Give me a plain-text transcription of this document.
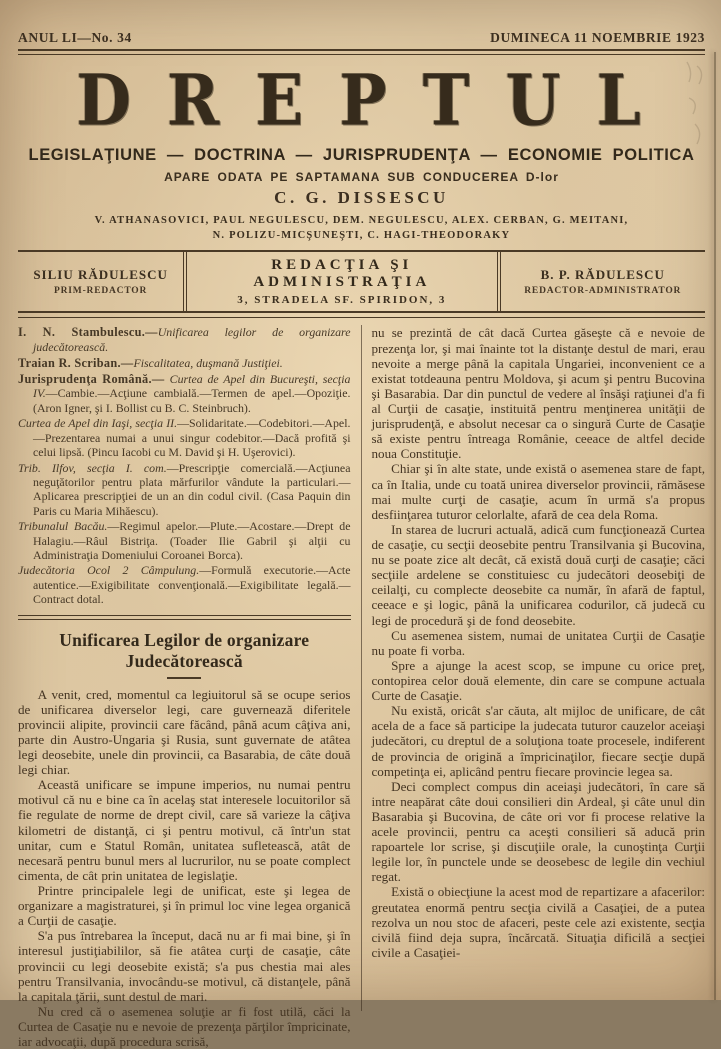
ANUL LI—No. 34	DUMINECA 11 NOEMBRIE 1923
DREPTUL
LEGISLAŢIUNE — DOCTRINA — JURISPRUDENŢA — ECONOMIE POLITICA
APARE ODATA PE SAPTAMANA SUB CONDUCEREA D-lor
C. G. DISSESCU
V. ATHANASOVICI, PAUL NEGULESCU, DEM. NEGULESCU, ALEX. CERBAN, G. MEITANI,
N. POLIZU-MICŞUNEŞTI, C. HAGI-THEODORAKY
SILIU RĂDULESCU
PRIM-REDACTOR
REDACŢIA ŞI ADMINISTRAŢIA
3, STRADELA SF. SPIRIDON, 3
B. P. RĂDULESCU
REDACTOR-ADMINISTRATOR
I. N. Stambulescu.—Unificarea legilor de organizare judecătorească.
Traian R. Scriban.—Fiscalitatea, duşmană Justiţiei.
Jurisprudenţa Română.— Curtea de Apel din Bucureşti, secţia IV.—Cambie.—Acţiune cambială.—Termen de apel.—Opoziţie. (Aron Igner, şi I. Bollist cu B. C. Steinbruch).
Curtea de Apel din Iaşi, secţia II.—Solidaritate.—Codebitori.—Apel.—Prezentarea numai a unui singur codebitor.—Dacă profită şi celui lipsă. (Pincu Iacobi cu M. David şi H. Uşerovici).
Trib. Ilfov, secţia I. com.—Prescripţie comercială.—Acţiunea neguţătorilor pentru plata mărfurilor vândute la particulari.—Aplicarea prescripţiei de un an din codul civil. (Casa Paquin din Paris cu Maria Mihăescu).
Tribunalul Bacău.—Regimul apelor.—Plute.—Acostare.—Drept de Halagiu.—Râul Bistriţa. (Toader Ilie Gabril şi alţii cu Administraţia Domeniului Coroanei Borca).
Judecătoria Ocol 2 Câmpulung.—Formulă executorie.—Acte autentice.—Exigibilitate convenţională.—Exigibilitate legală.—Contract dotal.
Unificarea Legilor de organizare Judecătorească

A venit, cred, momentul ca legiuitorul să se ocupe serios de unificarea diverselor legi, care guvernează diferitele provincii alipite, provincii care făcând, până acum câţiva ani, parte din Austro-Ungaria şi Rusia, sunt guvernate de atâtea legi deosebite, unele din provincii, ca Basarabia, de câte două legi chiar.

Această unificare se impune imperios, nu numai pentru motivul că nu e bine ca în acelaş stat interesele locuitorilor să fie regulate de norme de drept civil, care să varieze la câţiva kilometri de distanţă, ci şi pentru motivul, că într'un stat unitar, cum e Statul Român, unitatea sufletească, atât de necesară pentru bunul mers al lucrurilor, nu se poate complect cimenta, de cât prin unitatea de legislaţie.

Printre principalele legi de unificat, este şi legea de organizare a magistraturei, şi în primul loc vine legea organică a Curţii de casaţie.

S'a pus întrebarea la început, dacă nu ar fi mai bine, şi în interesul justiţiabililor, să fie atâtea curţi de casaţie, câte provincii cu legi deosebite există; s'a pus chestia mai ales pentru Transilvania, invocându-se motivul, că distanţele, până la capitala ţării, sunt destul de mari.

Nu cred că o asemenea soluţie ar fi fost utilă, căci la Curtea de Casaţie nu e nevoie de prezenţa părţilor împricinate, iar advocaţii, după procedura scrisă,

nu se prezintă de cât dacă Curtea găseşte că e nevoie de prezenţa lor, şi mai înainte tot la distanţe destul de mari, erau nevoite a merge până la capitala Ungariei, inconvenient ce a existat totdeauna pentru Moldova, şi acum şi pentru Bucovina şi Basarabia. Dar din punctul de vedere al însăşi raţiunei d'a fi al Curţii de casaţie, instituită pentru menţinerea unităţii de jurisprudenţă, e absolut necesar ca o singură Curte de Casaţie să existe pentru întreaga Românie, ceeace de altfel decide noua Constituţie.

Chiar şi în alte state, unde există o asemenea stare de fapt, ca în Italia, unde cu toată unirea diverselor provincii, rămăsese mai multe curţi de casaţie, acum în urmă s'a propus desfiinţarea tuturor celorlalte, afară de cea dela Roma.

In starea de lucruri actuală, adică cum funcţionează Curtea de casaţie, cu secţii deosebite pentru Transilvania şi Bucovina, nu se poate zice alt decât, că există două curţi de casaţie; căci secţiile ardelene se constituiesc cu judecători deosebiţi de ceilalţi, cu complecte deosebite ca număr, în afară de faptul, ceeace e şi logic, până la unificarea codurilor, că judecă cu legi de procedură şi de fond deosebite.

Cu asemenea sistem, numai de unitatea Curţii de Casaţie nu poate fi vorba.

Spre a ajunge la acest scop, se impune cu orice preţ, contopirea celor două elemente, din care se compune actuala Curte de Casaţie.

Nu există, oricât s'ar căuta, alt mijloc de unificare, de cât acela de a face să participe la judecata tuturor cauzelor aceiaşi judecători, cu dreptul de a soluţiona toate procesele, indiferent de provincia de origină a împricinaţilor, fiecare secţie după competinţa ei, aplicând pentru fiecare provincie legea sa.

Deci complect compus din aceiaşi judecători, în care să intre neapărat câte doui consilieri din Ardeal, şi câte unul din Basarabia şi Bucovina, de câte ori vor fi procese relative la acele provincii, pentru ca aceşti consilieri să aducă prin rapoartele lor scrise, şi discuţiile orale, la cunoştinţa Curţii legile lor, în punctele unde se deosebesc de legile din vechiul regat.

Există o obiecţiune la acest mod de repartizare a afacerilor: greutatea enormă pentru secţia civilă a Casaţiei, de a putea rezolva un nou stoc de afaceri, peste cele azi existente, secţia civilă fiind deja supra, încărcată. Situaţia dificilă a secţiei civile a Casaţiei-
